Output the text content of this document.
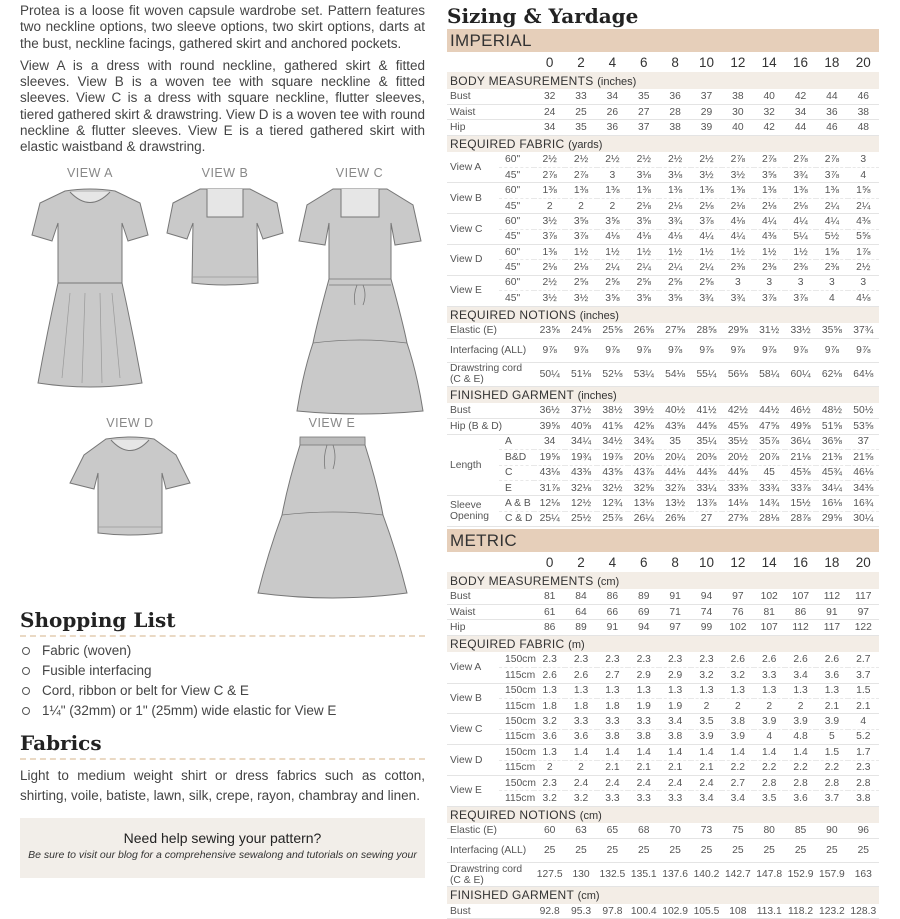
Protea is a loose fit woven capsule wardrobe set. Pattern features two neckline options, two sleeve options, two skirt options, darts at the bust, neckline facings, gathered skirt and anchored pockets.

View A is a dress with round neckline, gathered skirt & fitted sleeves. View B is a woven tee with square neckline & fitted sleeves. View C is a dress with square neckline, flutter sleeves, tiered gathered skirt & drawstring. View D is a woven tee with round neckline & flutter sleeves. View E is a tiered gathered skirt with elastic waistband & drawstring.

VIEW A	VIEW B	VIEW C
VIEW D	VIEW E
Shopping List
Fabric (woven)
Fusible interfacing
Cord, ribbon or belt for View C & E
1¼" (32mm) or 1" (25mm) wide elastic for View E
Fabrics

Light to medium weight shirt or dress fabrics such as cotton, shirting, voile, batiste, lawn, silk, crepe, rayon, chambray and linen.

Need help sewing your pattern?
Be sure to visit our blog for a comprehensive sewalong and tutorials on sewing your
Sizing & Yardage
IMPERIAL
		0	2	4	6	8	10	12	14	16	18	20
BODY MEASUREMENTS (inches)												
Bust		32	33	34	35	36	37	38	40	42	44	46
Waist		24	25	26	27	28	29	30	32	34	36	38
Hip		34	35	36	37	38	39	40	42	44	46	48
REQUIRED FABRIC (yards)												
View A	60"	2½	2½	2½	2½	2½	2½	2⅞	2⅞	2⅞	2⅞	3
	45"	2⅞	2⅞	3	3⅛	3⅛	3½	3½	3⅝	3¾	3⅞	4
View B	60"	1⅜	1⅜	1⅜	1⅜	1⅜	1⅜	1⅜	1⅜	1⅜	1⅜	1⅝
	45"	2	2	2	2⅛	2⅛	2⅛	2⅛	2⅛	2⅛	2¼	2¼
View C	60"	3½	3⅝	3⅝	3⅝	3¾	3⅞	4⅛	4¼	4¼	4¼	4⅜
	45"	3⅞	3⅞	4⅛	4⅛	4⅛	4¼	4¼	4⅜	5¼	5½	5⅝
View D	60"	1⅜	1½	1½	1½	1½	1½	1½	1½	1½	1⅝	1⅞
	45"	2⅛	2⅛	2¼	2¼	2¼	2¼	2⅜	2⅜	2⅜	2⅜	2½
View E	60"	2½	2⅝	2⅝	2⅝	2⅝	2⅝	3	3	3	3	3
	45"	3½	3½	3⅝	3⅝	3⅝	3¾	3¾	3⅞	3⅞	4	4⅛
REQUIRED NOTIONS (inches)												
Elastic (E)		23⅝	24⅝	25⅝	26⅝	27⅝	28⅝	29⅝	31½	33½	35⅝	37¾
Interfacing (ALL)		9⅞	9⅞	9⅞	9⅞	9⅞	9⅞	9⅞	9⅞	9⅞	9⅞	9⅞
Drawstring cord (C & E)		50¼	51⅛	52⅛	53¼	54⅛	55¼	56⅛	58¼	60¼	62⅛	64⅛
FINISHED GARMENT (inches)												
Bust		36½	37½	38½	39½	40½	41½	42½	44½	46½	48½	50½
Hip (B & D)		39⅝	40⅝	41⅝	42⅝	43⅝	44⅝	45⅝	47⅝	49⅝	51⅝	53⅝
Length	A	34	34¼	34½	34¾	35	35¼	35½	35⅞	36¼	36⅝	37
	B&D	19⅝	19¾	19⅞	20⅛	20¼	20⅜	20½	20⅞	21⅛	21⅜	21⅝
	C	43⅛	43⅜	43⅝	43⅞	44⅛	44⅜	44⅝	45	45⅜	45¾	46⅛
	E	31⅞	32⅛	32½	32⅝	32⅞	33¼	33⅜	33¾	33⅞	34¼	34⅜
Sleeve Opening	A & B	12⅛	12½	12¾	13⅛	13½	13⅞	14⅛	14¾	15½	16⅛	16¾
	C & D	25¼	25½	25⅞	26¼	26⅝	27	27⅜	28⅛	28⅞	29⅝	30¼
METRIC
		0	2	4	6	8	10	12	14	16	18	20
BODY MEASUREMENTS (cm)												
Bust		81	84	86	89	91	94	97	102	107	112	117
Waist		61	64	66	69	71	74	76	81	86	91	97
Hip		86	89	91	94	97	99	102	107	112	117	122
REQUIRED FABRIC (m)												
View A	150cm	2.3	2.3	2.3	2.3	2.3	2.3	2.6	2.6	2.6	2.6	2.7
	115cm	2.6	2.6	2.7	2.9	2.9	3.2	3.2	3.3	3.4	3.6	3.7
View B	150cm	1.3	1.3	1.3	1.3	1.3	1.3	1.3	1.3	1.3	1.3	1.5
	115cm	1.8	1.8	1.8	1.9	1.9	2	2	2	2	2.1	2.1
View C	150cm	3.2	3.3	3.3	3.3	3.4	3.5	3.8	3.9	3.9	3.9	4
	115cm	3.6	3.6	3.8	3.8	3.8	3.9	3.9	4	4.8	5	5.2
View D	150cm	1.3	1.4	1.4	1.4	1.4	1.4	1.4	1.4	1.4	1.5	1.7
	115cm	2	2	2.1	2.1	2.1	2.1	2.2	2.2	2.2	2.2	2.3
View E	150cm	2.3	2.4	2.4	2.4	2.4	2.4	2.7	2.8	2.8	2.8	2.8
	115cm	3.2	3.2	3.3	3.3	3.3	3.4	3.4	3.5	3.6	3.7	3.8
REQUIRED NOTIONS (cm)												
Elastic (E)		60	63	65	68	70	73	75	80	85	90	96
Interfacing (ALL)		25	25	25	25	25	25	25	25	25	25	25
Drawstring cord (C & E)		127.5	130	132.5	135.1	137.6	140.2	142.7	147.8	152.9	157.9	163
FINISHED GARMENT (cm)												
Bust		92.8	95.3	97.8	100.4	102.9	105.5	108	113.1	118.2	123.2	128.3
